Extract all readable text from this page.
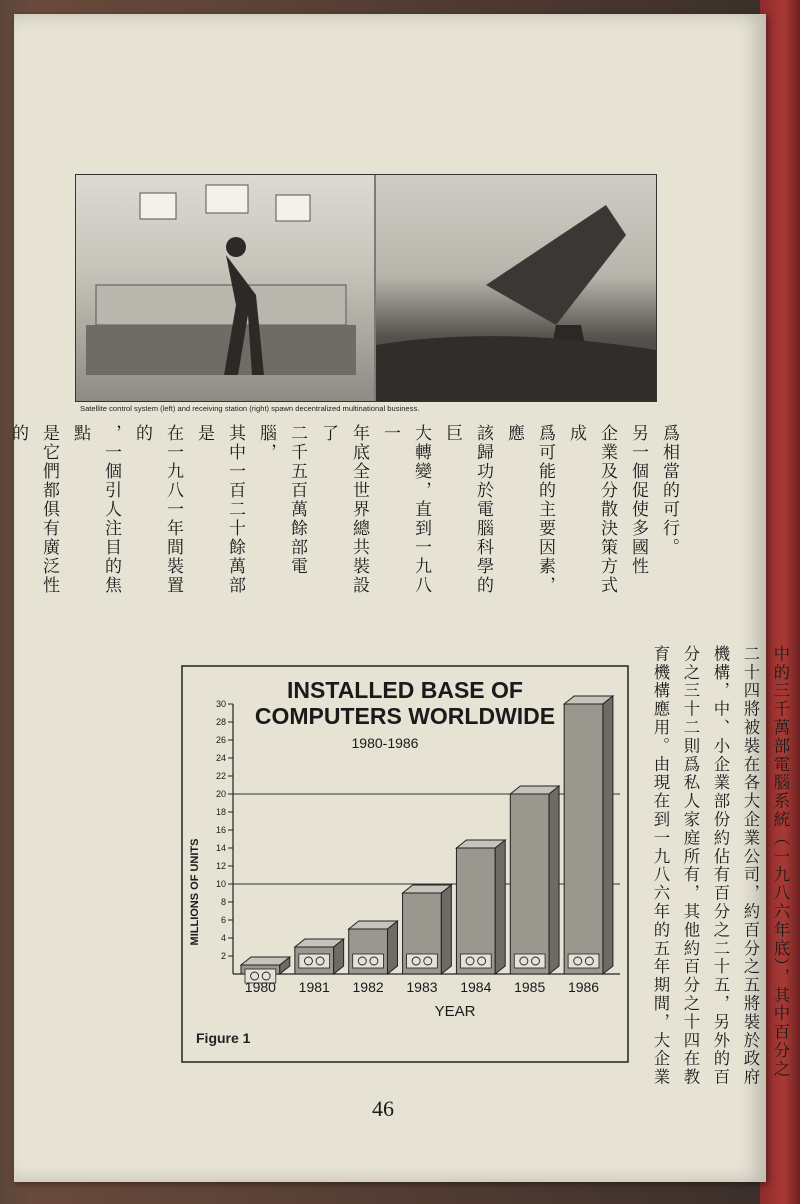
Satellite control system (left) and receiving station (right) spawn decentralized multinational business.
爲相當的可行。
另一個促使多國性
企業及分散決策方式成
爲可能的主要因素，應
該歸功於電腦科學的巨
大轉變，直到一九八一
年底全世界總共裝設了
二千五百萬餘部電腦，
其中一百二十餘萬部是
在一九八一年間裝置的
，一個引人注目的焦點
是它們都俱有廣泛性的
中的三千萬部電腦系統（一九八六年底），其中百分之
二十四將被裝在各大企業公司，約百分之五將裝於政府
機構，中、小企業部份約佔有百分之二十五，另外的百
分之三十二則爲私人家庭所有，其他約百分之十四在教
育機構應用。由現在到一九八六年的五年期間，大企業
INSTALLED BASE OF
COMPUTERS WORLDWIDE
1980-1986
MILLIONS OF UNITS
YEAR
2
4
6
8
10
12
14
16
18
20
22
24
26
28
30
1980 1981 1982 1983 1984 1985 1986
Figure 1
46
